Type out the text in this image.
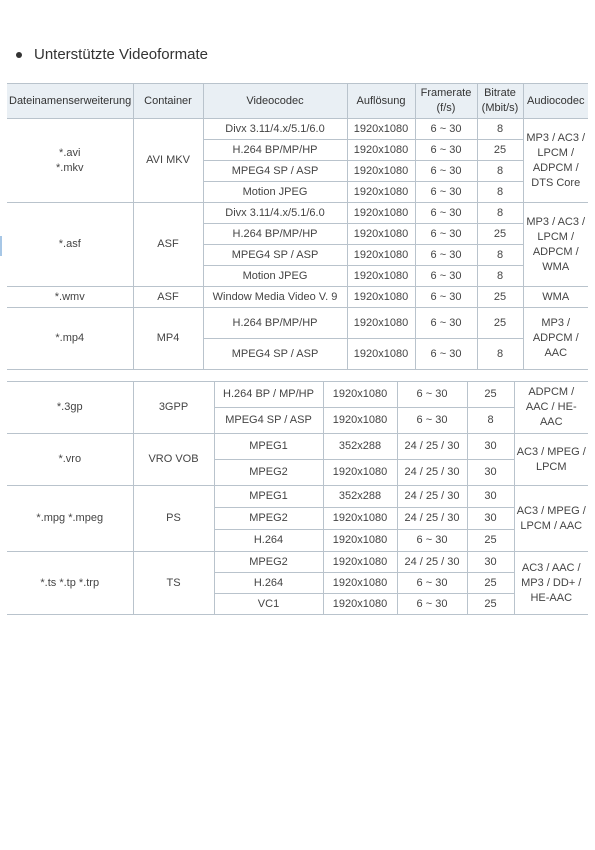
Unterstützte Videoformate
Dateinamenserweiterung	Container	Videocodec	Auflösung	Framerate (f/s)	Bitrate (Mbit/s)	Audiocodec
*.avi
*.mkv	AVI MKV	Divx 3.11/4.x/5.1/6.0	1920x1080	6 ~ 30	8	MP3 / AC3 / LPCM / ADPCM / DTS Core
		H.264 BP/MP/HP	1920x1080	6 ~ 30	25	
		MPEG4 SP / ASP	1920x1080	6 ~ 30	8	
		Motion JPEG	1920x1080	6 ~ 30	8	
*.asf	ASF	Divx 3.11/4.x/5.1/6.0	1920x1080	6 ~ 30	8	MP3 / AC3 / LPCM / ADPCM / WMA
		H.264 BP/MP/HP	1920x1080	6 ~ 30	25	
		MPEG4 SP / ASP	1920x1080	6 ~ 30	8	
		Motion JPEG	1920x1080	6 ~ 30	8	
*.wmv	ASF	Window Media Video V. 9	1920x1080	6 ~ 30	25	WMA
*.mp4	MP4	H.264 BP/MP/HP	1920x1080	6 ~ 30	25	MP3 / ADPCM / AAC
		MPEG4 SP / ASP	1920x1080	6 ~ 30	8	
*.3gp	3GPP	H.264 BP / MP/HP	1920x1080	6 ~ 30	25	ADPCM / AAC / HE-AAC
		MPEG4 SP / ASP	1920x1080	6 ~ 30	8	
*.vro	VRO VOB	MPEG1	352x288	24 / 25 / 30	30	AC3 / MPEG / LPCM
		MPEG2	1920x1080	24 / 25 / 30	30	
*.mpg *.mpeg	PS	MPEG1	352x288	24 / 25 / 30	30	AC3 / MPEG / LPCM / AAC
		MPEG2	1920x1080	24 / 25 / 30	30	
		H.264	1920x1080	6 ~ 30	25	
*.ts *.tp *.trp	TS	MPEG2	1920x1080	24 / 25 / 30	30	AC3 / AAC / MP3 / DD+ / HE-AAC
		H.264	1920x1080	6 ~ 30	25	
		VC1	1920x1080	6 ~ 30	25	
